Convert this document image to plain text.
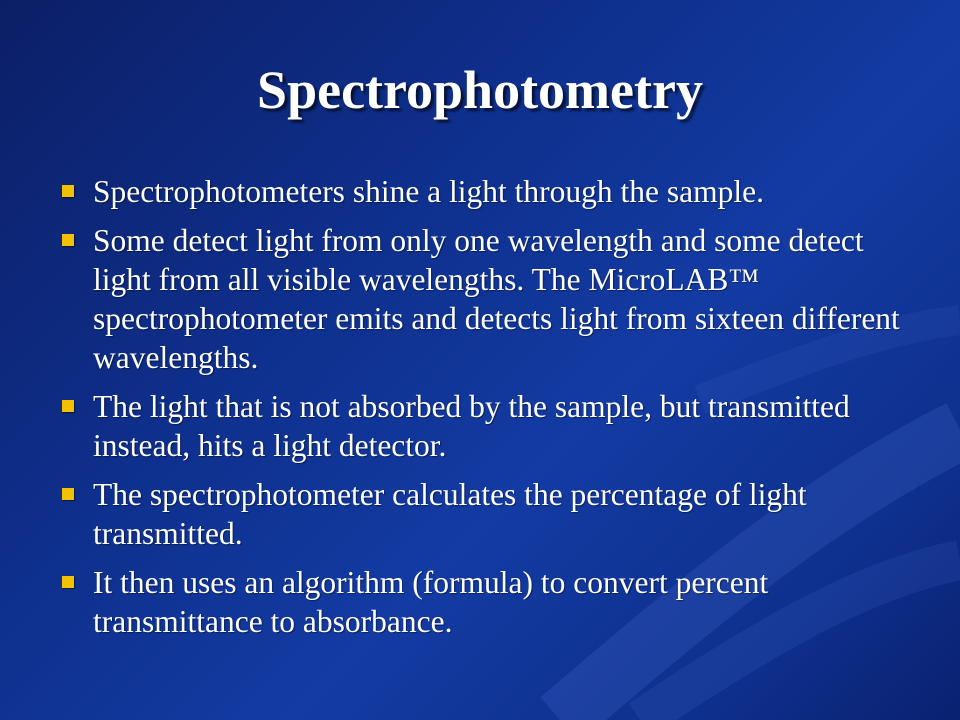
Spectrophotometry
Spectrophotometers shine a light through the sample.
Some detect light from only one wavelength and some detect light from all visible wavelengths. The MicroLAB™ spectrophotometer emits and detects light from sixteen different wavelengths.
The light that is not absorbed by the sample, but transmitted instead, hits a light detector.
The spectrophotometer calculates the percentage of light transmitted.
It then uses an algorithm (formula) to convert percent transmittance to absorbance.
